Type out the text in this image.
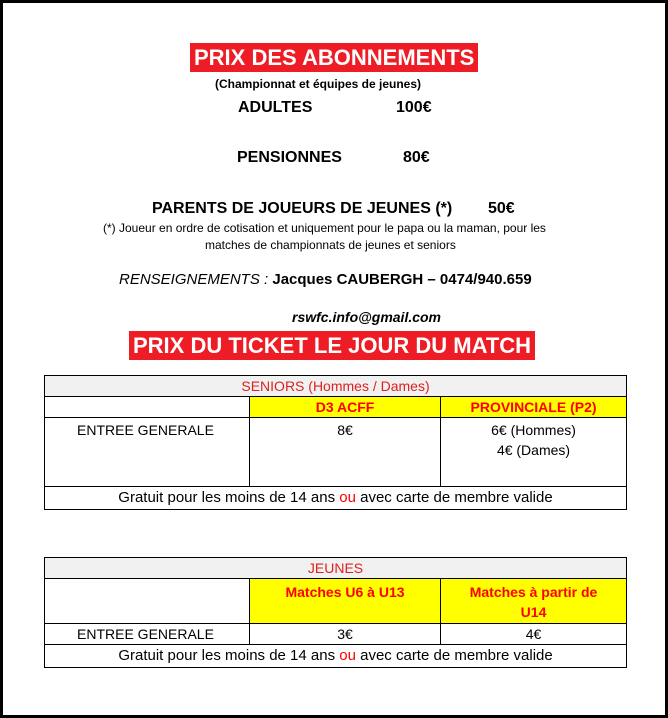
PRIX DES ABONNEMENTS
(Championnat et équipes de jeunes)
ADULTES	100€
PENSIONNES	80€
PARENTS DE JOUEURS DE JEUNES (*) 50€
(*) Joueur en ordre de cotisation et uniquement pour le papa ou la maman, pour les
matches de championnats de jeunes et seniors
RENSEIGNEMENTS : Jacques CAUBERGH – 0474/940.659
rswfc.info@gmail.com
PRIX DU TICKET LE JOUR DU MATCH
SENIORS (Hommes / Dames)		
	D3 ACFF	PROVINCIALE (P2)
ENTREE GENERALE	8€	6€ (Hommes)
4€ (Dames)

Gratuit pour les moins de 14 ans ou avec carte de membre valide		
JEUNES		
	Matches U6 à U13	Matches à partir de
U14

ENTREE GENERALE	3€	4€
Gratuit pour les moins de 14 ans ou avec carte de membre valide		
